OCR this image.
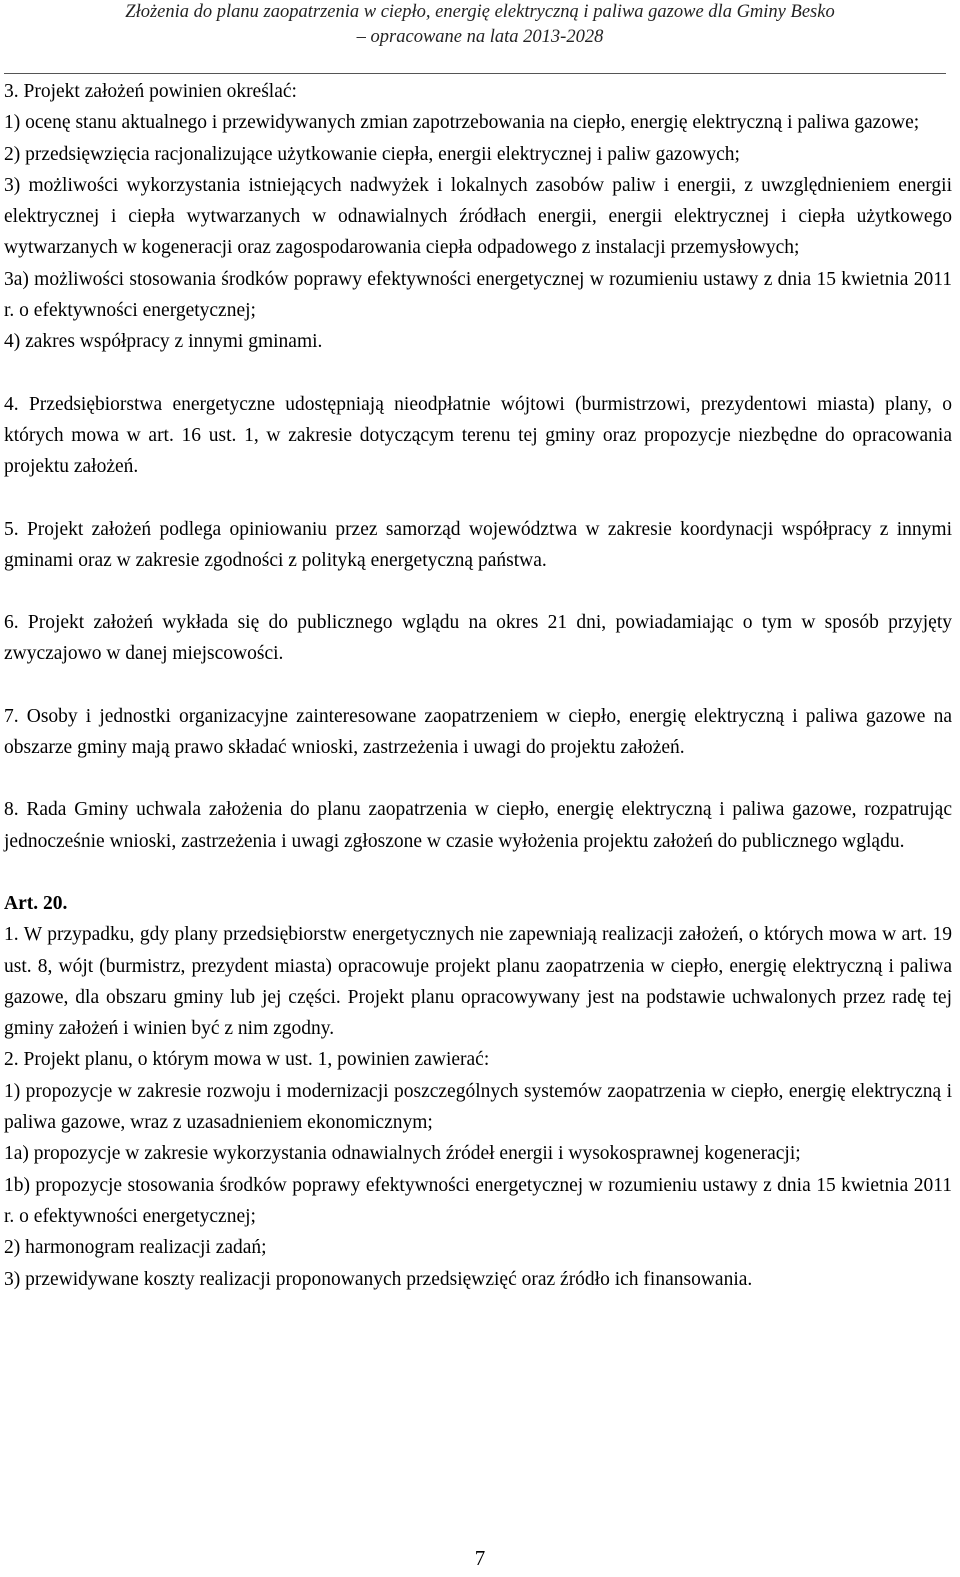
Złożenia do planu zaopatrzenia w ciepło, energię elektryczną i paliwa gazowe dla Gminy Besko
– opracowane na lata 2013-2028

3. Projekt założeń powinien określać:

1) ocenę stanu aktualnego i przewidywanych zmian zapotrzebowania na ciepło, energię elektryczną i paliwa gazowe;

2) przedsięwzięcia racjonalizujące użytkowanie ciepła, energii elektrycznej i paliw gazowych;

3) możliwości wykorzystania istniejących nadwyżek i lokalnych zasobów paliw i energii, z uwzględnieniem energii elektrycznej i ciepła wytwarzanych w odnawialnych źródłach energii, energii elektrycznej i ciepła użytkowego wytwarzanych w kogeneracji oraz zagospodarowania ciepła odpadowego z instalacji przemysłowych;

3a) możliwości stosowania środków poprawy efektywności energetycznej w rozumieniu ustawy z dnia 15 kwietnia 2011 r. o efektywności energetycznej;

4) zakres współpracy z innymi gminami.

4. Przedsiębiorstwa energetyczne udostępniają nieodpłatnie wójtowi (burmistrzowi, prezydentowi miasta) plany, o których mowa w art. 16 ust. 1, w zakresie dotyczącym terenu tej gminy oraz propozycje niezbędne do opracowania projektu założeń.

5. Projekt założeń podlega opiniowaniu przez samorząd województwa w zakresie koordynacji współpracy z innymi gminami oraz w zakresie zgodności z polityką energetyczną państwa.

6. Projekt założeń wykłada się do publicznego wglądu na okres 21 dni, powiadamiając o tym w sposób przyjęty zwyczajowo w danej miejscowości.

7. Osoby i jednostki organizacyjne zainteresowane zaopatrzeniem w ciepło, energię elektryczną i paliwa gazowe na obszarze gminy mają prawo składać wnioski, zastrzeżenia i uwagi do projektu założeń.

8. Rada Gminy uchwala założenia do planu zaopatrzenia w ciepło, energię elektryczną i paliwa gazowe, rozpatrując jednocześnie wnioski, zastrzeżenia i uwagi zgłoszone w czasie wyłożenia projektu założeń do publicznego wglądu.

Art. 20.

1. W przypadku, gdy plany przedsiębiorstw energetycznych nie zapewniają realizacji założeń, o których mowa w art. 19 ust. 8, wójt (burmistrz, prezydent miasta) opracowuje projekt planu zaopatrzenia w ciepło, energię elektryczną i paliwa gazowe, dla obszaru gminy lub jej części. Projekt planu opracowywany jest na podstawie uchwalonych przez radę tej gminy założeń i winien być z nim zgodny.

2. Projekt planu, o którym mowa w ust. 1, powinien zawierać:

1) propozycje w zakresie rozwoju i modernizacji poszczególnych systemów zaopatrzenia w ciepło, energię elektryczną i paliwa gazowe, wraz z uzasadnieniem ekonomicznym;

1a) propozycje w zakresie wykorzystania odnawialnych źródeł energii i wysokosprawnej kogeneracji;

1b) propozycje stosowania środków poprawy efektywności energetycznej w rozumieniu ustawy z dnia 15 kwietnia 2011 r. o efektywności energetycznej;

2) harmonogram realizacji zadań;

3) przewidywane koszty realizacji proponowanych przedsięwzięć oraz źródło ich finansowania.

7
